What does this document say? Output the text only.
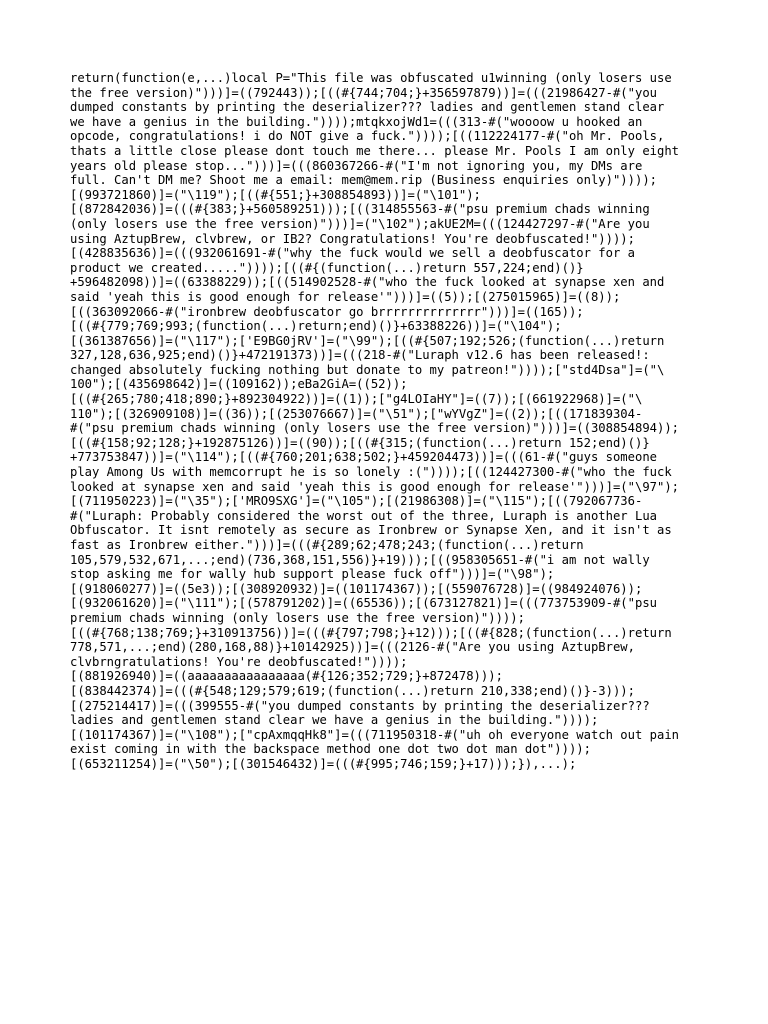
return(function(e,...)local P="This file was obfuscated u1winning (only losers use
the free version)")))]=((792443));[((#{744;704;}+356597879))]=(((21986427-#("you
dumped constants by printing the deserializer??? ladies and gentlemen stand clear
we have a genius in the building."))));mtqkxojWd1=(((313-#("woooow u hooked an
opcode, congratulations! i do NOT give a fuck."))));[((112224177-#("oh Mr. Pools,
thats a little close please dont touch me there... please Mr. Pools I am only eight
years old please stop...")))]=(((860367266-#("I'm not ignoring you, my DMs are
full. Can't DM me? Shoot me a email: mem@mem.rip (Business enquiries only)"))));
[(993721860)]=("\119");[((#{551;}+308854893))]=("\101");
[(872842036)]=(((#{383;}+560589251)));[((314855563-#("psu premium chads winning
(only losers use the free version)")))]=("\102");akUE2M=(((124427297-#("Are you
using AztupBrew, clvbrew, or IB2? Congratulations! You're deobfuscated!"))));
[(428835636)]=(((932061691-#("why the fuck would we sell a deobfuscator for a
product we created....."))));[((#{(function(...)return 557,224;end)()}
+596482098))]=((63388229));[((514902528-#("who the fuck looked at synapse xen and
said 'yeah this is good enough for release'")))]=((5));[(275015965)]=((8));
[((363092066-#("ironbrew deobfuscator go brrrrrrrrrrrrrr")))]=((165));
[((#{779;769;993;(function(...)return;end)()}+63388226))]=("\104");
[(361387656)]=("\117");['E9BG0jRV']=("\99");[((#{507;192;526;(function(...)return
327,128,636,925;end)()}+472191373))]=(((218-#("Luraph v12.6 has been released!:
changed absolutely fucking nothing but donate to my patreon!"))));["std4Dsa"]=("\
100");[(435698642)]=((109162));eBa2GiA=((52));
[((#{265;780;418;890;}+892304922))]=((1));["g4LOIaHY"]=((7));[(661922968)]=("\
110");[(326909108)]=((36));[(253076667)]=("\51");["wYVgZ"]=((2));[((171839304-
#("psu premium chads winning (only losers use the free version)")))]=((308854894));
[((#{158;92;128;}+192875126))]=((90));[((#{315;(function(...)return 152;end)()}
+773753847))]=("\114");[((#{760;201;638;502;}+459204473))]=(((61-#("guys someone
play Among Us with memcorrupt he is so lonely :("))));[((124427300-#("who the fuck
looked at synapse xen and said 'yeah this is good enough for release'")))]=("\97");
[(711950223)]=("\35");['MRO9SXG']=("\105");[(21986308)]=("\115");[((792067736-
#("Luraph: Probably considered the worst out of the three, Luraph is another Lua
Obfuscator. It isnt remotely as secure as Ironbrew or Synapse Xen, and it isn't as
fast as Ironbrew either.")))]=(((#{289;62;478;243;(function(...)return
105,579,532,671,...;end)(736,368,151,556)}+19)));[((958305651-#("i am not wally
stop asking me for wally hub support please fuck off")))]=("\98");
[(918060277)]=((5e3));[(308920932)]=((101174367));[(559076728)]=((984924076));
[(932061620)]=("\111");[(578791202)]=((65536));[(673127821)]=(((773753909-#("psu
premium chads winning (only losers use the free version)"))));
[((#{768;138;769;}+310913756))]=(((#{797;798;}+12)));[((#{828;(function(...)return
778,571,...;end)(280,168,88)}+10142925))]=(((2126-#("Are you using AztupBrew,
clvbrngratulations! You're deobfuscated!"))));
[(881926940)]=((aaaaaaaaaaaaaaaa(#{126;352;729;}+872478)));
[(838442374)]=(((#{548;129;579;619;(function(...)return 210,338;end)()}-3)));
[(275214417)]=(((399555-#("you dumped constants by printing the deserializer???
ladies and gentlemen stand clear we have a genius in the building."))));
[(101174367)]=("\108");["cpAxmqqHk8"]=(((711950318-#("uh oh everyone watch out pain
exist coming in with the backspace method one dot two dot man dot"))));
[(653211254)]=("\50");[(301546432)]=(((#{995;746;159;}+17)));}),...);
